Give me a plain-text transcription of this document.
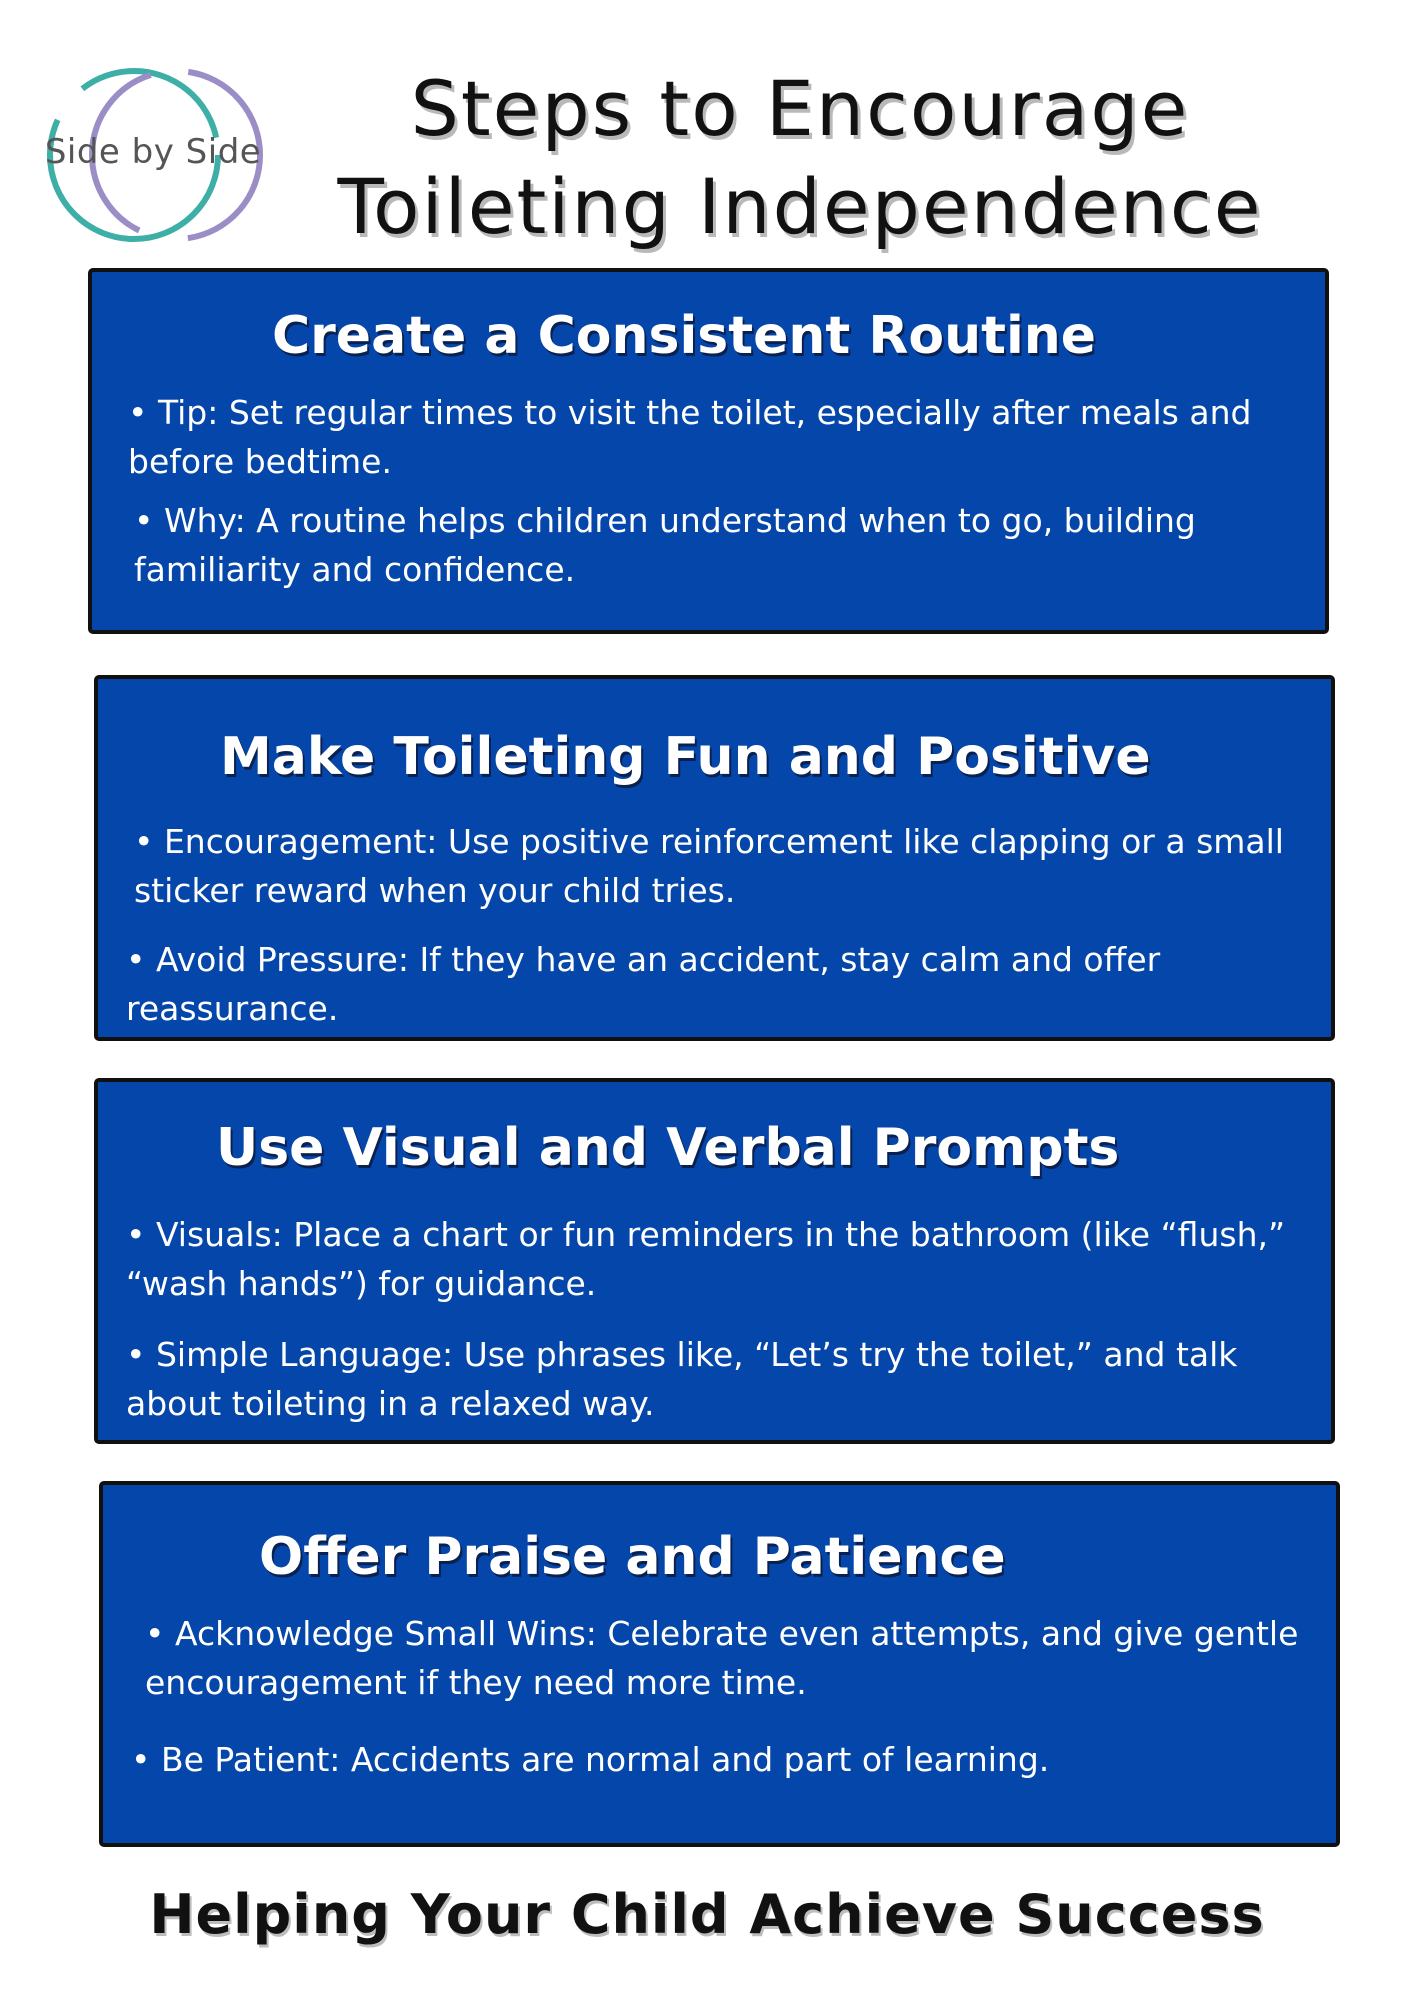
Side by Side	Steps to Encourage
Toileting Independence
Create a Consistent Routine

• Tip: Set regular times to visit the toilet, especially after meals and before bedtime.

• Why: A routine helps children understand when to go, building familiarity and confidence.

Make Toileting Fun and Positive

• Encouragement: Use positive reinforcement like clapping or a small sticker reward when your child tries.

• Avoid Pressure: If they have an accident, stay calm and offer reassurance.

Use Visual and Verbal Prompts

• Visuals: Place a chart or fun reminders in the bathroom (like “flush,” “wash hands”) for guidance.

• Simple Language: Use phrases like, “Let’s try the toilet,” and talk about toileting in a relaxed way.

Offer Praise and Patience

• Acknowledge Small Wins: Celebrate even attempts, and give gentle encouragement if they need more time.

• Be Patient: Accidents are normal and part of learning.

Helping Your Child Achieve Success
